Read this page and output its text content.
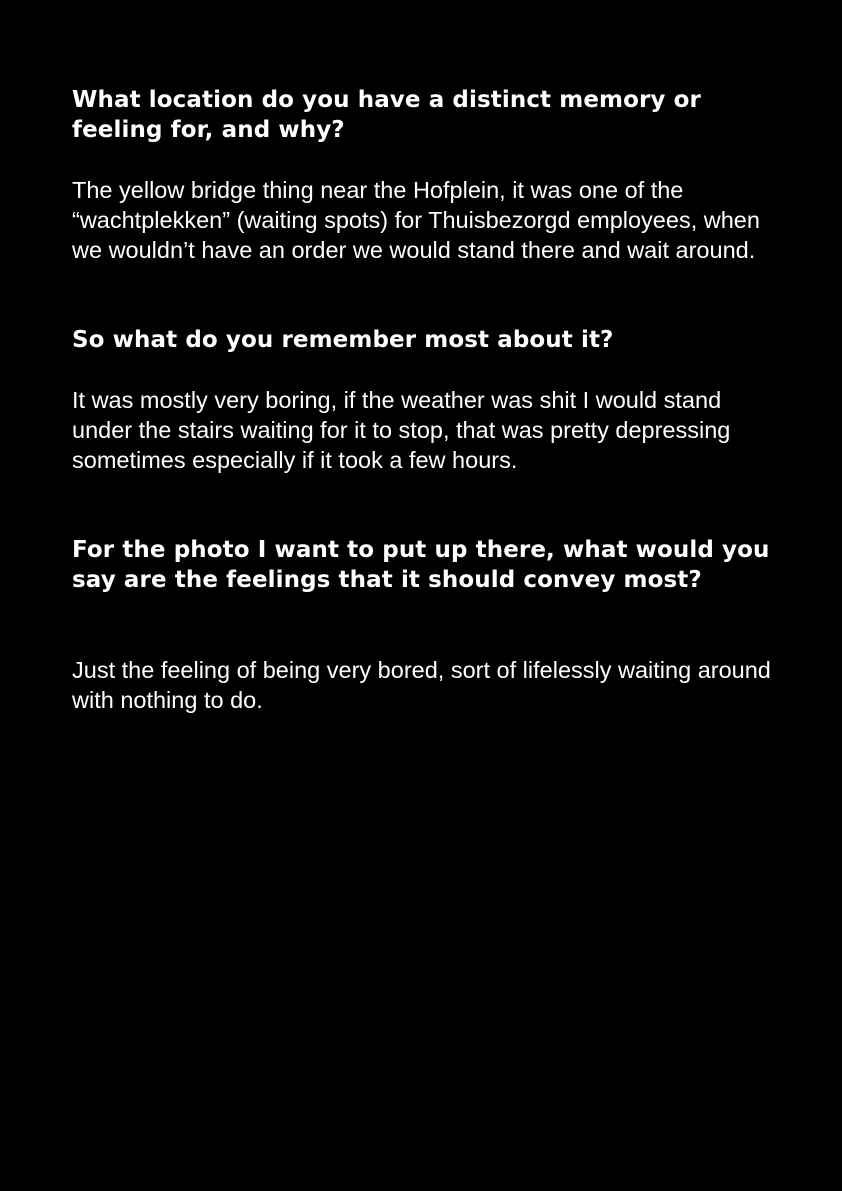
What location do you have a distinct memory or feeling for, and why?

The yellow bridge thing near the Hofplein, it was one of the “wachtplekken” (waiting spots) for Thuisbezorgd employees, when we wouldn’t have an order we would stand there and wait around.

So what do you remember most about it?

It was mostly very boring, if the weather was shit I would stand under the stairs waiting for it to stop, that was pretty depressing sometimes especially if it took a few hours.

For the photo I want to put up there, what would you say are the feelings that it should convey most?

Just the feeling of being very bored, sort of lifelessly waiting around with nothing to do.
